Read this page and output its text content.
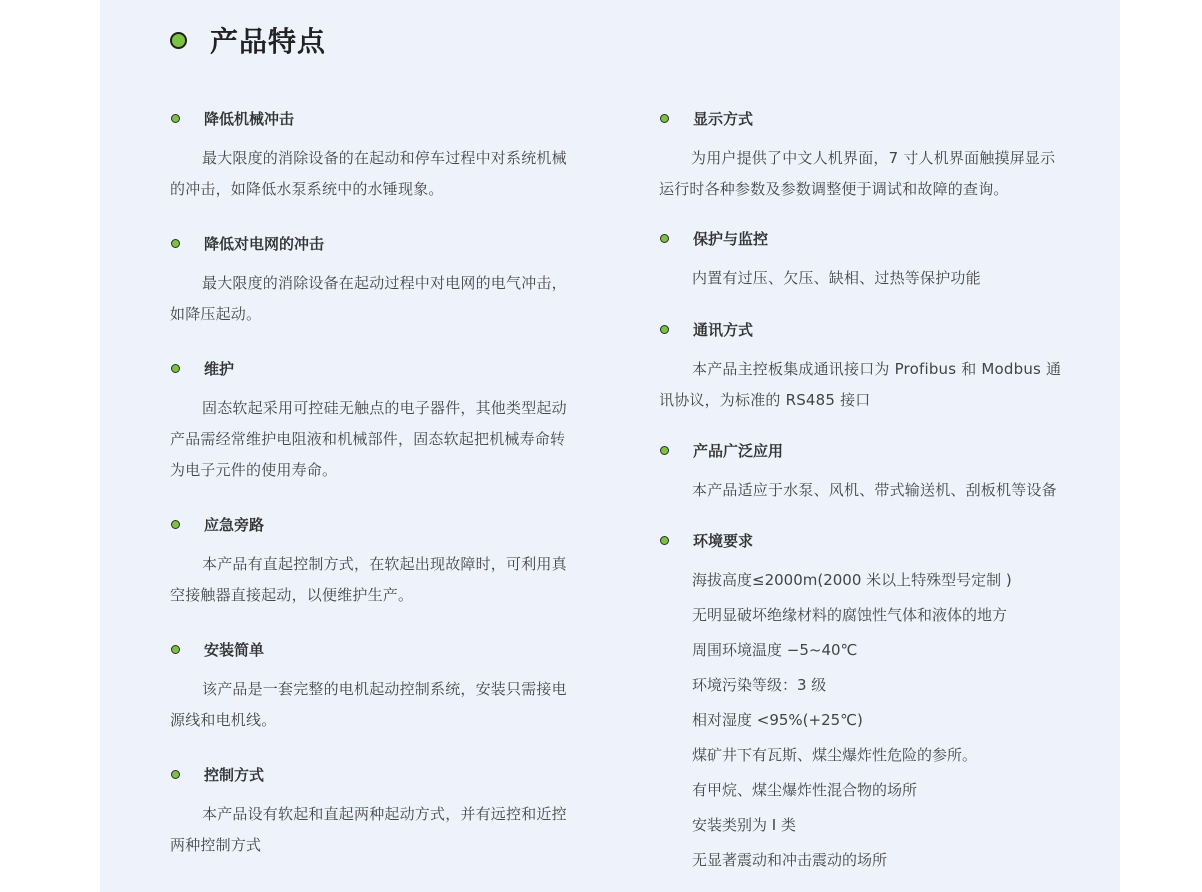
产品特点
降低机械冲击
最大限度的消除设备的在起动和停车过程中对系统机械的冲击，如降低水泵系统中的水锤现象。
降低对电网的冲击
最大限度的消除设备在起动过程中对电网的电气冲击，如降压起动。
维护
固态软起采用可控硅无触点的电子器件，其他类型起动产品需经常维护电阻液和机械部件，固态软起把机械寿命转为电子元件的使用寿命。
应急旁路
本产品有直起控制方式，在软起出现故障时，可利用真空接触器直接起动，以便维护生产。
安装简单
该产品是一套完整的电机起动控制系统，安装只需接电源线和电机线。
控制方式
本产品设有软起和直起两种起动方式，并有远控和近控两种控制方式
显示方式
为用户提供了中文人机界面，7 寸人机界面触摸屏显示运行时各种参数及参数调整便于调试和故障的查询。
保护与监控
内置有过压、欠压、缺相、过热等保护功能
通讯方式
本产品主控板集成通讯接口为 Profibus 和 Modbus 通讯协议，为标准的 RS485 接口
产品广泛应用
本产品适应于水泵、风机、带式输送机、刮板机等设备
环境要求
海拔高度≤2000m(2000 米以上特殊型号定制 )
无明显破坏绝缘材料的腐蚀性气体和液体的地方
周围环境温度 −5~40℃
环境污染等级：3 级
相对湿度 <95%(+25℃)
煤矿井下有瓦斯、煤尘爆炸性危险的参所。
有甲烷、煤尘爆炸性混合物的场所
安装类别为 Ⅰ 类
无显著震动和冲击震动的场所
